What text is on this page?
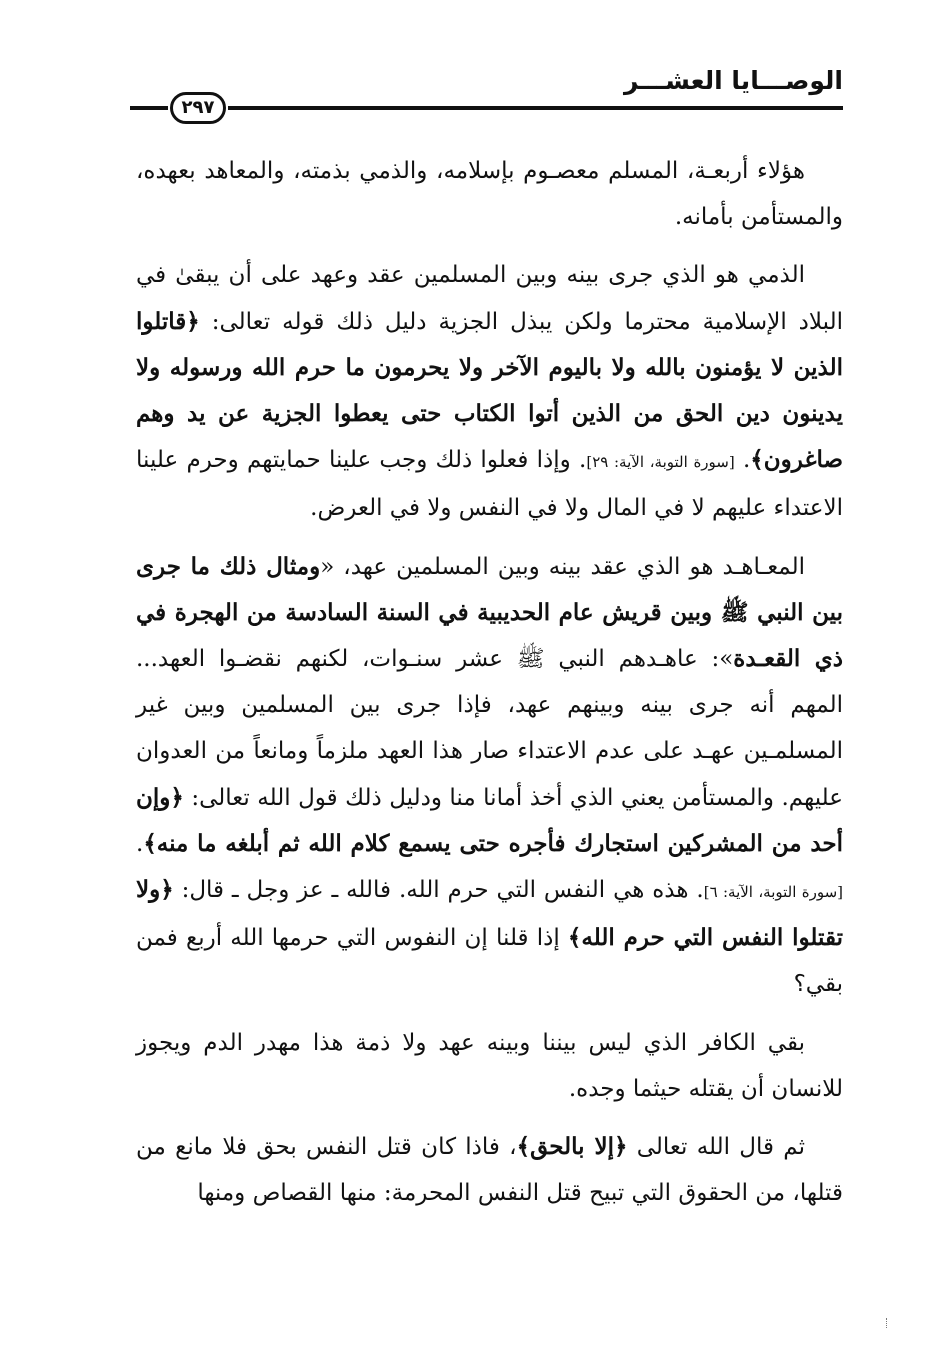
الوصـــايا العشـــر
٢٩٧

هؤلاء أربعـة، المسلم معصـوم بإسلامه، والذمي بذمته، والمعاهد بعهده، والمستأمن بأمانه.

الذمي هو الذي جرى بينه وبين المسلمين عقد وعهد على أن يبقىٰ في البلاد الإسلامية محترما ولكن يبذل الجزية دليل ذلك قوله تعالى: ﴿قاتلوا الذين لا يؤمنون بالله ولا باليوم الآخر ولا يحرمون ما حرم الله ورسوله ولا يدينون دين الحق من الذين أتوا الكتاب حتى يعطوا الجزية عن يد وهم صاغرون﴾. [سورة التوبة، الآية: ٢٩]. وإذا فعلوا ذلك وجب علينا حمايتهم وحرم علينا الاعتداء عليهم لا في المال ولا في النفس ولا في العرض.

المعـاهـد هو الذي عقد بينه وبين المسلمين عهد، «ومثال ذلك ما جرى بين النبي ﷺ وبين قريش عام الحديبية في السنة السادسة من الهجرة في ذي القعـدة»: عاهـدهم النبي ﷺ عشر سنـوات، لكنهم نقضـوا العهد... المهم أنه جرى بينه وبينهم عهد، فإذا جرى بين المسلمين وبين غير المسلمـين عهـد على عدم الاعتداء صار هذا العهد ملزماً ومانعاً من العدوان عليهم. والمستأمن يعني الذي أخذ أمانا منا ودليل ذلك قول الله تعالى: ﴿وإن أحد من المشركين استجارك فأجره حتى يسمع كلام الله ثم أبلغه ما منه﴾. [سورة التوبة، الآية: ٦]. هذه هي النفس التي حرم الله. فالله ـ عز وجل ـ قال: ﴿ولا تقتلوا النفس التي حرم الله﴾ إذا قلنا إن النفوس التي حرمها الله أربع فمن بقي؟

بقي الكافر الذي ليس بيننا وبينه عهد ولا ذمة هذا مهدر الدم ويجوز للانسان أن يقتله حيثما وجده.

ثم قال الله تعالى ﴿إلا بالحق﴾، فاذا كان قتل النفس بحق فلا مانع من قتلها، من الحقوق التي تبيح قتل النفس المحرمة: منها القصاص ومنها
